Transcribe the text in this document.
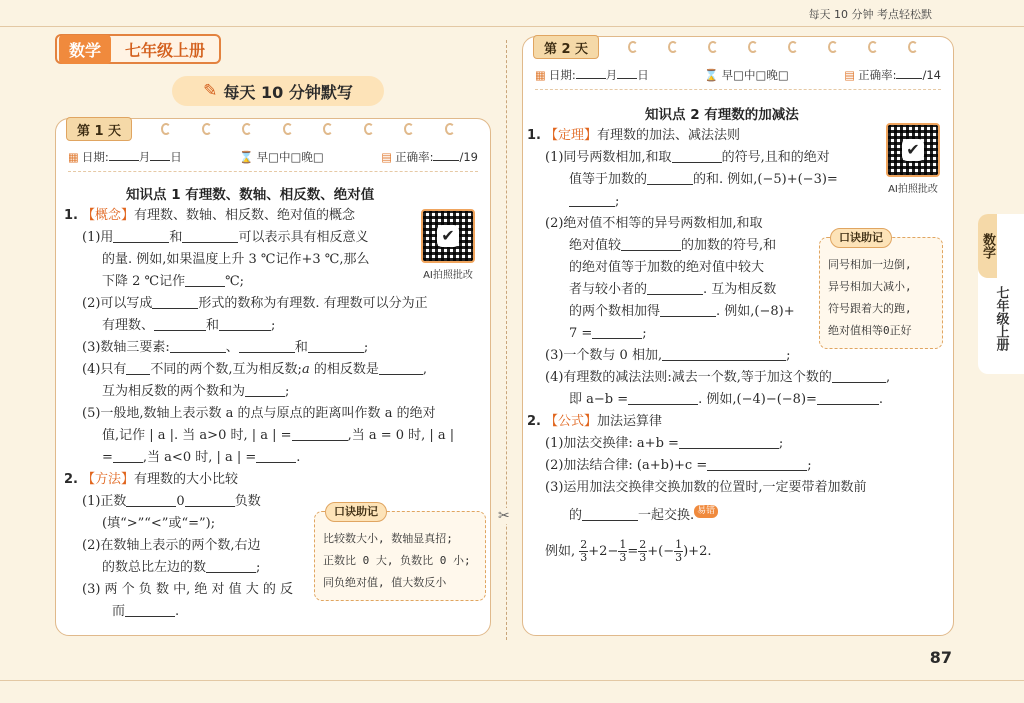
每天 10 分钟 考点轻松默
数学	七年级上册
✎ 每天 10 分钟默写
第 1 天
▦ 日期:	月 日	⌛ 早□中□晚□	▤ 正确率: /19
知识点 1 有理数、数轴、相反数、绝对值
✔
AI拍照批改
1. 【概念】有理数、数轴、相反数、绝对值的概念
(1)用	和	可以表示具有相反意义
的量. 例如,如果温度上升 3 ℃记作+3 ℃,那么
下降 2 ℃记作	℃;
(2)可以写成	形式的数称为有理数. 有理数可以分为正
有理数、	和	;
(3)数轴三要素:	、	和	;
(4)只有 不同的两个数,互为相反数;a 的相反数是	,
互为相反数的两个数和为	;
(5)一般地,数轴上表示数 a 的点与原点的距离叫作数 a 的绝对
值,记作 | a |. 当 a>0 时, | a | =	,当 a = 0 时, | a |
= ,当 a<0 时, | a | =	.
2. 【方法】有理数的大小比较
(1)正数	0	负数
(填“>”“<”或“=”);
(2)在数轴上表示的两个数,右边
的数总比左边的数	;
(3) 两 个 负 数 中, 绝 对 值 大 的 反
而	.
口诀助记
比较数大小, 数轴显真招;
正数比 0 大, 负数比 0 小;
同负绝对值, 值大数反小
✂
第 2 天
▦ 日期:	月 日	⌛ 早□中□晚□	▤ 正确率: /14
知识点 2 有理数的加减法
✔
AI拍照批改
1. 【定理】有理数的加法、减法法则
(1)同号两数相加,和取	的符号,且和的绝对
值等于加数的	的和. 例如,(−5)+(−3)=
;
(2)绝对值不相等的异号两数相加,和取
绝对值较	的加数的符号,和
的绝对值等于加数的绝对值中较大
者与较小者的	. 互为相反数
的两个数相加得	. 例如,(−8)+
7 =	;
(3)一个数与 0 相加,	;
(4)有理数的减法法则:减去一个数,等于加这个数的	,
即 a−b =	. 例如,(−4)−(−8)=	.
2. 【公式】加法运算律
(1)加法交换律: a+b =	;
(2)加法结合律: (a+b)+c =	;
(3)运用加法交换律交换加数的位置时,一定要带着加数前
的	一起交换. 易错
例如, $\frac{2}{3} +2- \frac{1}{3} = \frac{2}{3}$ +(− $\frac{1}{3} )+2$.
口诀助记
同号相加一边倒,
异号相加大减小,
符号跟着大的跑,
绝对值相等0正好
数学
七年级上册
87
